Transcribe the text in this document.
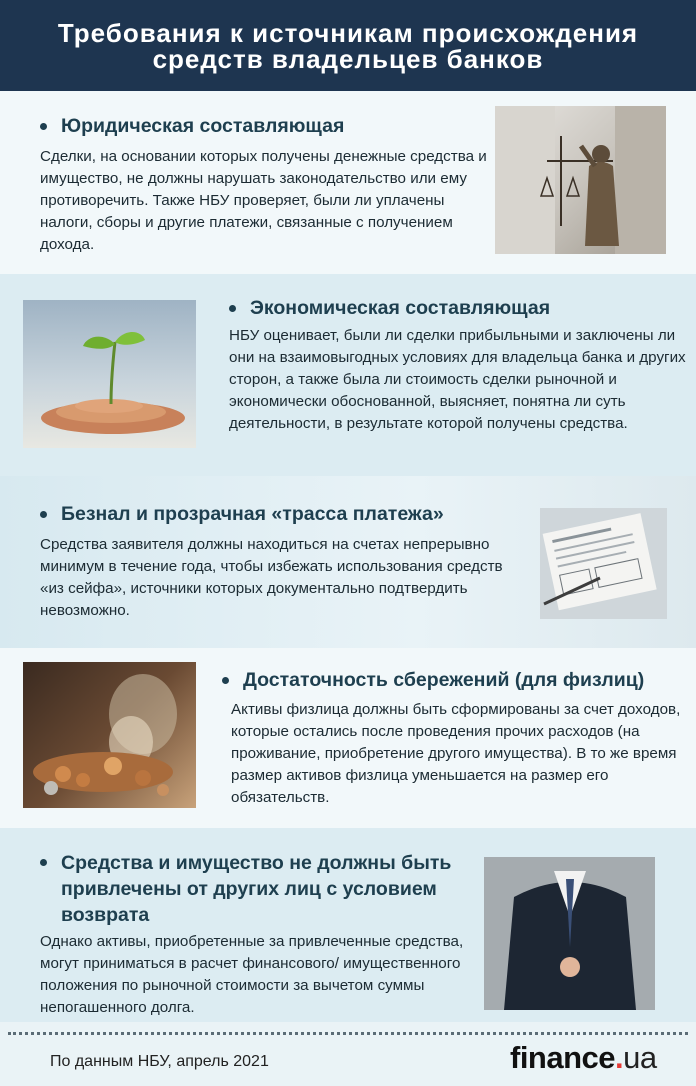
Требования к источникам происхождения средств владельцев банков
Юридическая составляющая
Сделки, на основании которых получены денежные средства и имущество, не должны нарушать законодательство или ему противоречить. Также НБУ проверяет, были ли уплачены налоги, сборы и другие платежи, связанные с получением дохода.
Экономическая составляющая
НБУ оценивает, были ли сделки прибыльными и заключены ли они на взаимовыгодных условиях для владельца банка и других сторон, а также была ли стоимость сделки рыночной и экономически обоснованной, выясняет, понятна ли суть деятельности, в результате которой получены средства.
Безнал и прозрачная «трасса платежа»
Средства заявителя должны находиться на счетах непрерывно минимум в течение года, чтобы избежать использования средств «из сейфа», источники которых документально подтвердить невозможно.
Достаточность сбережений (для физлиц)
Активы физлица должны быть сформированы за счет доходов, которые остались после проведения прочих расходов (на проживание, приобретение другого имущества). В то же время размер активов физлица уменьшается на размер его обязательств.
Средства и имущество не должны быть привлечены от других лиц с условием возврата
Однако активы, приобретенные за привлеченные средства, могут приниматься в расчет финансового/ имущественного положения по рыночной стоимости за вычетом суммы непогашенного долга.
По данным НБУ, апрель 2021	finance.ua
